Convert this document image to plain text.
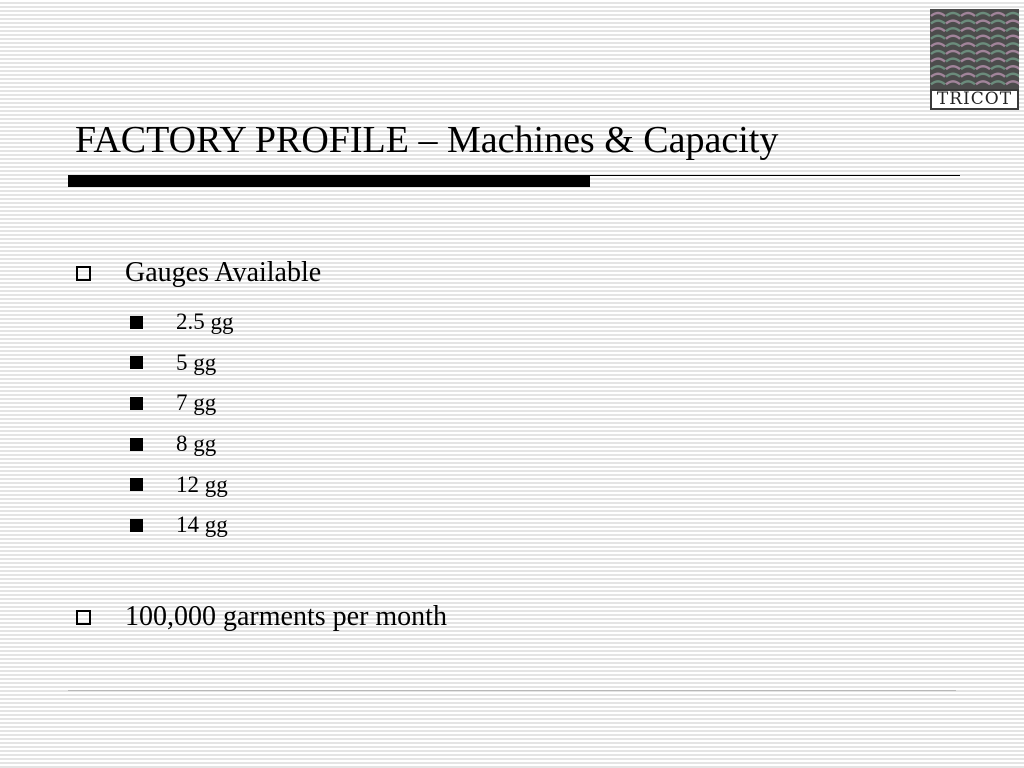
TRICOT
FACTORY PROFILE – Machines & Capacity
Gauges Available
2.5 gg
5 gg
7 gg
8 gg
12 gg
14 gg
100,000 garments per month
